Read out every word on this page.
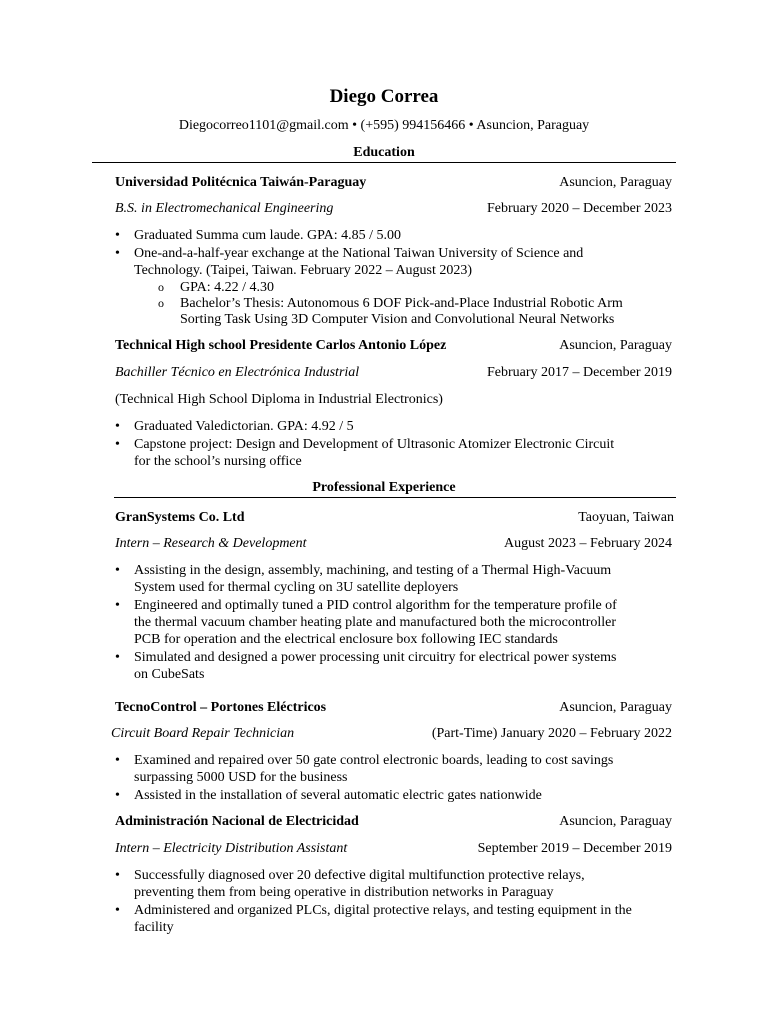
Diego Correa
Diegocorreo1101@gmail.com • (+595) 994156466 • Asuncion, Paraguay
Education
Universidad Politécnica Taiwán-Paraguay	Asuncion, Paraguay
B.S. in Electromechanical Engineering	February 2020 – December 2023
• Graduated Summa cum laude. GPA: 4.85 / 5.00
• One-and-a-half-year exchange at the National Taiwan University of Science and
Technology. (Taipei, Taiwan. February 2022 – August 2023)
o GPA: 4.22 / 4.30
o Bachelor’s Thesis: Autonomous 6 DOF Pick-and-Place Industrial Robotic Arm
Sorting Task Using 3D Computer Vision and Convolutional Neural Networks
Technical High school Presidente Carlos Antonio López	Asuncion, Paraguay
Bachiller Técnico en Electrónica Industrial	February 2017 – December 2019
(Technical High School Diploma in Industrial Electronics)
• Graduated Valedictorian. GPA: 4.92 / 5
• Capstone project: Design and Development of Ultrasonic Atomizer Electronic Circuit
for the school’s nursing office
Professional Experience
GranSystems Co. Ltd	Taoyuan, Taiwan
Intern – Research & Development	August 2023 – February 2024
• Assisting in the design, assembly, machining, and testing of a Thermal High-Vacuum
System used for thermal cycling on 3U satellite deployers
• Engineered and optimally tuned a PID control algorithm for the temperature profile of
the thermal vacuum chamber heating plate and manufactured both the microcontroller
PCB for operation and the electrical enclosure box following IEC standards
• Simulated and designed a power processing unit circuitry for electrical power systems
on CubeSats
TecnoControl – Portones Eléctricos	Asuncion, Paraguay
Circuit Board Repair Technician	(Part-Time) January 2020 – February 2022
• Examined and repaired over 50 gate control electronic boards, leading to cost savings
surpassing 5000 USD for the business
• Assisted in the installation of several automatic electric gates nationwide
Administración Nacional de Electricidad	Asuncion, Paraguay
Intern – Electricity Distribution Assistant	September 2019 – December 2019
• Successfully diagnosed over 20 defective digital multifunction protective relays,
preventing them from being operative in distribution networks in Paraguay
• Administered and organized PLCs, digital protective relays, and testing equipment in the
facility
